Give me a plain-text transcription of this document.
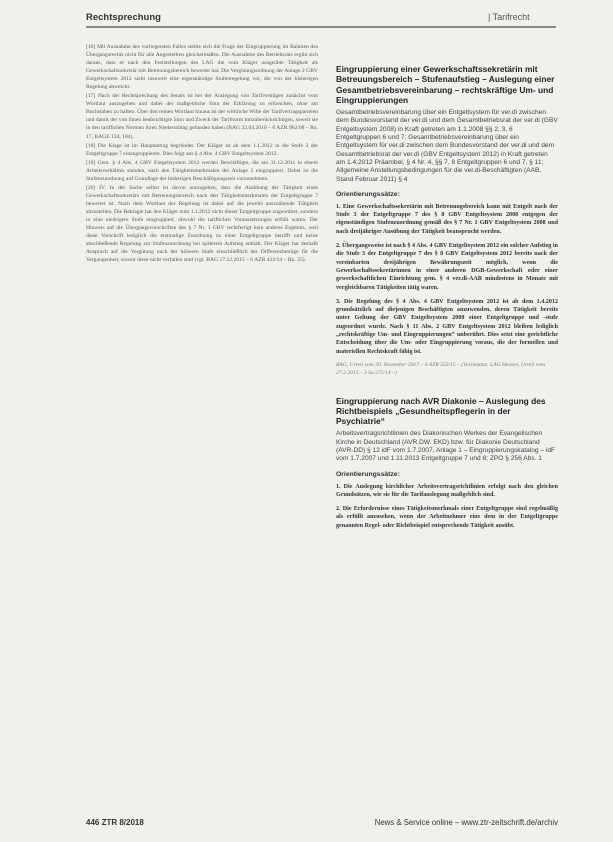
Rechtsprechung	| Tarifrecht

[16] Mit Ausnahme des vorliegenden Falles stellte sich die Frage der Eingruppierung im Rahmen des Übergangsrechts nicht für alle Angestellten gleichermaßen. Die Ausnahme des Betriebsrats ergibt sich daraus, dass er nach den Feststellungen des LAG die vom Kläger ausgeübte Tätigkeit als Gewerkschaftssekretär mit Betreuungsbereich bewertet hat. Die Vergütungsordnung der Anlage 2 GBV Entgeltsystem 2012 sieht insoweit eine eigenständige Stufenregelung vor, die von der bisherigen Regelung abweicht.

[17] Nach der Rechtsprechung des Senats ist bei der Auslegung von Tarifverträgen zunächst vom Wortlaut auszugehen und dabei der maßgebliche Sinn der Erklärung zu erforschen, ohne am Buchstaben zu haften. Über den reinen Wortlaut hinaus ist der wirkliche Wille der Tarifvertragsparteien und damit der von ihnen beabsichtigte Sinn und Zweck der Tarifnorm mitzuberücksichtigen, soweit sie in den tariflichen Normen ihren Niederschlag gefunden haben (BAG 22.04.2010 – 6 AZR 962/08 – Rn. 17, BAGE 134, 184).

[18] Die Klage ist im Hauptantrag begründet. Der Kläger ist ab dem 1.1.2012 in die Stufe 3 der Entgeltgruppe 7 einzugruppieren. Dies folgt aus § 4 Abs. 4 GBV Entgeltsystem 2012.

[19] Gem. § 4 Abs. 4 GBV Entgeltsystem 2012 werden Beschäftigte, die am 31.12.2011 in einem Arbeitsverhältnis standen, nach den Tätigkeitsmerkmalen der Anlage 2 eingruppiert. Dabei ist die Stufenzuordnung auf Grundlage der bisherigen Beschäftigungszeit vorzunehmen.

[20] IV. In der Sache selbst ist davon auszugehen, dass die Ausübung der Tätigkeit eines Gewerkschaftssekretärs mit Betreuungsbereich nach den Tätigkeitsmerkmalen der Entgeltgruppe 7 bewertet ist. Nach dem Wortlaut der Regelung ist dabei auf die jeweils auszuübende Tätigkeit abzustellen. Die Beklagte hat den Kläger zum 1.1.2012 nicht dieser Entgeltgruppe zugeordnet, sondern in eine niedrigere Stufe eingruppiert, obwohl die tariflichen Voraussetzungen erfüllt waren. Der Hinweis auf die Übergangsvorschriften des § 7 Nr. 1 GBV rechtfertigt kein anderes Ergebnis, weil diese Vorschrift lediglich die erstmalige Zuordnung zu einer Entgeltgruppe betrifft und keine abschließende Regelung zur Stufenzuordnung bei späterem Aufstieg enthält. Der Kläger hat deshalb Anspruch auf die Vergütung nach der höheren Stufe einschließlich der Differenzbeträge für die Vergangenheit, soweit diese nicht verfallen sind (vgl. BAG 17.12.2015 – 6 AZR 432/14 – Rn. 25).

Eingruppierung einer Gewerkschaftssekretärin mit Betreuungsbereich – Stufenaufstieg – Auslegung einer Gesamtbetriebsvereinbarung – rechtskräftige Um- und Eingruppierungen
Gesamtbetriebsvereinbarung über ein Entgeltsystem für ver.di zwischen dem Bundesvorstand der ver.di und dem Gesamtbetriebsrat der ver.di (GBV Entgeltsystem 2008) in Kraft getreten am 1.1.2008 §§ 2, 3, 6 Entgeltgruppen 6 und 7; Gesamtbetriebsvereinbarung über ein Entgeltsystem für ver.di zwischen dem Bundesvorstand der ver.di und dem Gesamtbetriebsrat der ver.di (GBV Entgeltsystem 2012) in Kraft getreten am 1.4.2012 Präambel, § 4 Nr. 4, §§ 7, 8 Entgeltgruppen 6 und 7, § 11; Allgemeine Anstellungsbedingungen für die ver.di-Beschäftigten (AAB, Stand Februar 2011) § 4
Orientierungssätze:
1. Eine Gewerkschaftssekretärin mit Betreuungsbereich kann mit Entgelt nach der Stufe 3 der Entgeltgruppe 7 des § 8 GBV Entgeltsystem 2008 entgegen der eigenständigen Stufenzuordnung gemäß des § 7 Nr. 1 GBV Entgeltsystem 2008 und nach dreijähriger Ausübung der Tätigkeit beansprucht werden.
2. Übergangsweise ist nach § 4 Abs. 4 GBV Entgeltsystem 2012 ein solcher Aufstieg in die Stufe 3 der Entgeltgruppe 7 des § 8 GBV Entgeltsystem 2012 bereits nach der vereinbarten dreijährigen Bewährungszeit möglich, wenn die Gewerkschaftssekretärinnen in einer anderen DGB-Gewerkschaft oder einer gewerkschaftlichen Einrichtung gem. § 4 ver.di-AAB mindestens in Monate mit vergleichbaren Tätigkeiten tätig waren.
3. Die Regelung des § 4 Abs. 4 GBV Entgeltsystem 2012 ist ab dem 1.4.2012 grundsätzlich auf diejenigen Beschäftigten anzuwenden, deren Tätigkeit bereits unter Geltung der GBV Entgeltsystem 2008 einer Entgeltgruppe und -stufe zugeordnet wurde. Nach § 11 Abs. 2 GBV Entgeltsystem 2012 bleiben lediglich „rechtskräftige Um- und Eingruppierungen“ unberührt. Dies setzt eine gerichtliche Entscheidung über die Um- oder Eingruppierung voraus, die der formellen und materiellen Rechtskraft fähig ist.
BAG, Urteil vom 30. November 2017 – 6 AZR 553/15 – (Vorinstanz: LAG Hessen, Urteil vom 27.3.2015 – 3 Sa 272/14 –)
Eingruppierung nach AVR Diakonie – Auslegung des Richtbeispiels „Gesundheitspflegerin in der Psychiatrie“
Arbeitsvertragsrichtlinien des Diakonischen Werkes der Evangelischen Kirche in Deutschland (AVR.DW. EKD) bzw. für Diakonie Deutschland (AVR-DD) § 12 idF vom 1.7.2007, Anlage 1 – Eingruppierungskatalog – idF vom 1.7.2007 und 1.11.2013 Entgeltgruppe 7 und 8; ZPO § 256 Abs. 1
Orientierungssätze:
1. Die Auslegung kirchlicher Arbeitsvertragsrichtlinien erfolgt nach den gleichen Grundsätzen, wie sie für die Tarifauslegung maßgeblich sind.
2. Die Erfordernisse eines Tätigkeitsmerkmals einer Entgeltgruppe sind regelmäßig als erfüllt anzusehen, wenn der Arbeitnehmer eine dem in der Entgeltgruppe genannten Regel- oder Richtbeispiel entsprechende Tätigkeit ausübt.
446 ZTR 8/2018	News & Service online – www.ztr-zeitschrift.de/archiv
